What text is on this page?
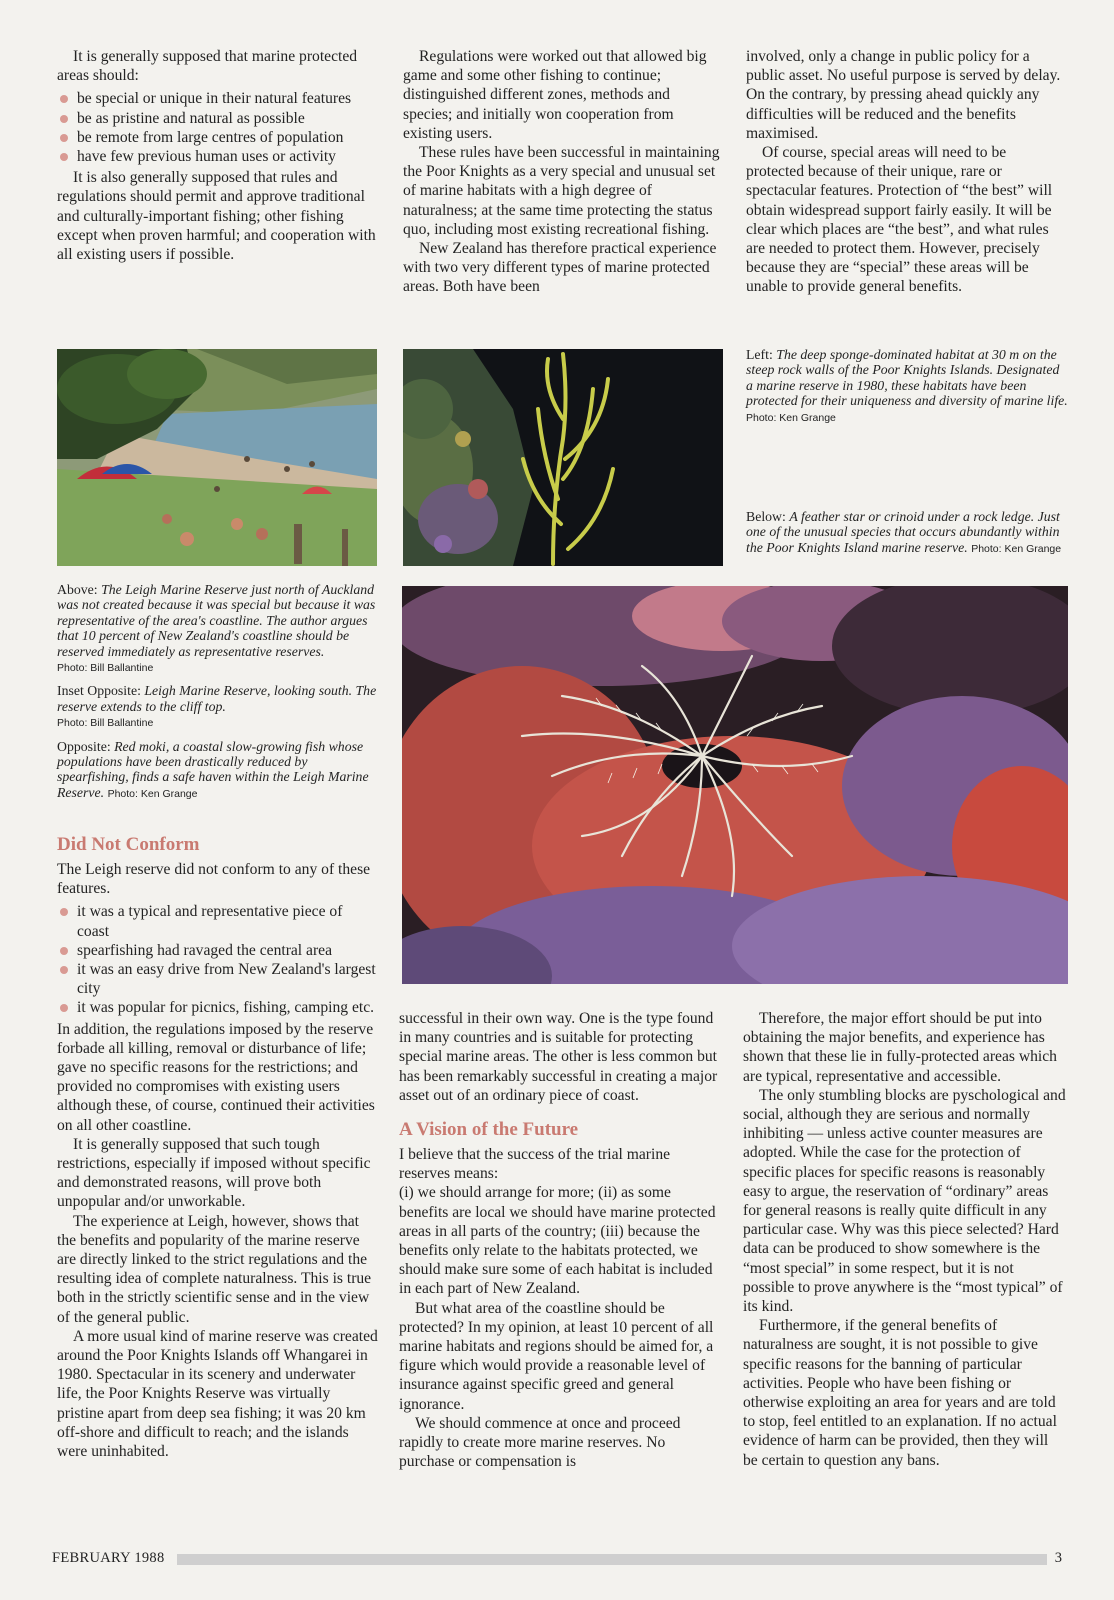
It is generally supposed that marine protected areas should:

be special or unique in their natural features
be as pristine and natural as possible
be remote from large centres of population
have few previous human uses or activity

It is also generally supposed that rules and regulations should permit and approve traditional and culturally-important fishing; other fishing except when proven harmful; and cooperation with all existing users if possible.

Regulations were worked out that allowed big game and some other fishing to continue; distinguished different zones, methods and species; and initially won cooperation from existing users.

These rules have been successful in maintaining the Poor Knights as a very special and unusual set of marine habitats with a high degree of naturalness; at the same time protecting the status quo, including most existing recreational fishing.

New Zealand has therefore practical experience with two very different types of marine protected areas. Both have been

involved, only a change in public policy for a public asset. No useful purpose is served by delay. On the contrary, by pressing ahead quickly any difficulties will be reduced and the benefits maximised.

Of course, special areas will need to be protected because of their unique, rare or spectacular features. Protection of “the best” will obtain widespread support fairly easily. It will be clear which places are “the best”, and what rules are needed to protect them. However, precisely because they are “special” these areas will be unable to provide general benefits.

Left: The deep sponge-dominated habitat at 30 m on the steep rock walls of the Poor Knights Islands. Designated a marine reserve in 1980, these habitats have been protected for their uniqueness and diversity of marine life.
Photo: Ken Grange
Below: A feather star or crinoid under a rock ledge. Just one of the unusual species that occurs abundantly within the Poor Knights Island marine reserve. Photo: Ken Grange
Above: The Leigh Marine Reserve just north of Auckland was not created because it was special but because it was representative of the area's coastline. The author argues that 10 percent of New Zealand's coastline should be reserved immediately as representative reserves.
Photo: Bill Ballantine
Inset Opposite: Leigh Marine Reserve, looking south. The reserve extends to the cliff top.
Photo: Bill Ballantine
Opposite: Red moki, a coastal slow-growing fish whose populations have been drastically reduced by spearfishing, finds a safe haven within the Leigh Marine Reserve. Photo: Ken Grange
Did Not Conform

The Leigh reserve did not conform to any of these features.

it was a typical and representative piece of coast
spearfishing had ravaged the central area
it was an easy drive from New Zealand's largest city
it was popular for picnics, fishing, camping etc.

In addition, the regulations imposed by the reserve forbade all killing, removal or disturbance of life; gave no specific reasons for the restrictions; and provided no compromises with existing users although these, of course, continued their activities on all other coastline.

It is generally supposed that such tough restrictions, especially if imposed without specific and demonstrated reasons, will prove both unpopular and/or unworkable.

The experience at Leigh, however, shows that the benefits and popularity of the marine reserve are directly linked to the strict regulations and the resulting idea of complete naturalness. This is true both in the strictly scientific sense and in the view of the general public.

A more usual kind of marine reserve was created around the Poor Knights Islands off Whangarei in 1980. Spectacular in its scenery and underwater life, the Poor Knights Reserve was virtually pristine apart from deep sea fishing; it was 20 km off-shore and difficult to reach; and the islands were uninhabited.

successful in their own way. One is the type found in many countries and is suitable for protecting special marine areas. The other is less common but has been remarkably successful in creating a major asset out of an ordinary piece of coast.

A Vision of the Future

I believe that the success of the trial marine reserves means:

(i) we should arrange for more; (ii) as some benefits are local we should have marine protected areas in all parts of the country; (iii) because the benefits only relate to the habitats protected, we should make sure some of each habitat is included in each part of New Zealand.

But what area of the coastline should be protected? In my opinion, at least 10 percent of all marine habitats and regions should be aimed for, a figure which would provide a reasonable level of insurance against specific greed and general ignorance.

We should commence at once and proceed rapidly to create more marine reserves. No purchase or compensation is

Therefore, the major effort should be put into obtaining the major benefits, and experience has shown that these lie in fully-protected areas which are typical, representative and accessible.

The only stumbling blocks are pyschological and social, although they are serious and normally inhibiting — unless active counter measures are adopted. While the case for the protection of specific places for specific reasons is reasonably easy to argue, the reservation of “ordinary” areas for general reasons is really quite difficult in any particular case. Why was this piece selected? Hard data can be produced to show somewhere is the “most special” in some respect, but it is not possible to prove anywhere is the “most typical” of its kind.

Furthermore, if the general benefits of naturalness are sought, it is not possible to give specific reasons for the banning of particular activities. People who have been fishing or otherwise exploiting an area for years and are told to stop, feel entitled to an explanation. If no actual evidence of harm can be provided, then they will be certain to question any bans.

FEBRUARY 1988	3
